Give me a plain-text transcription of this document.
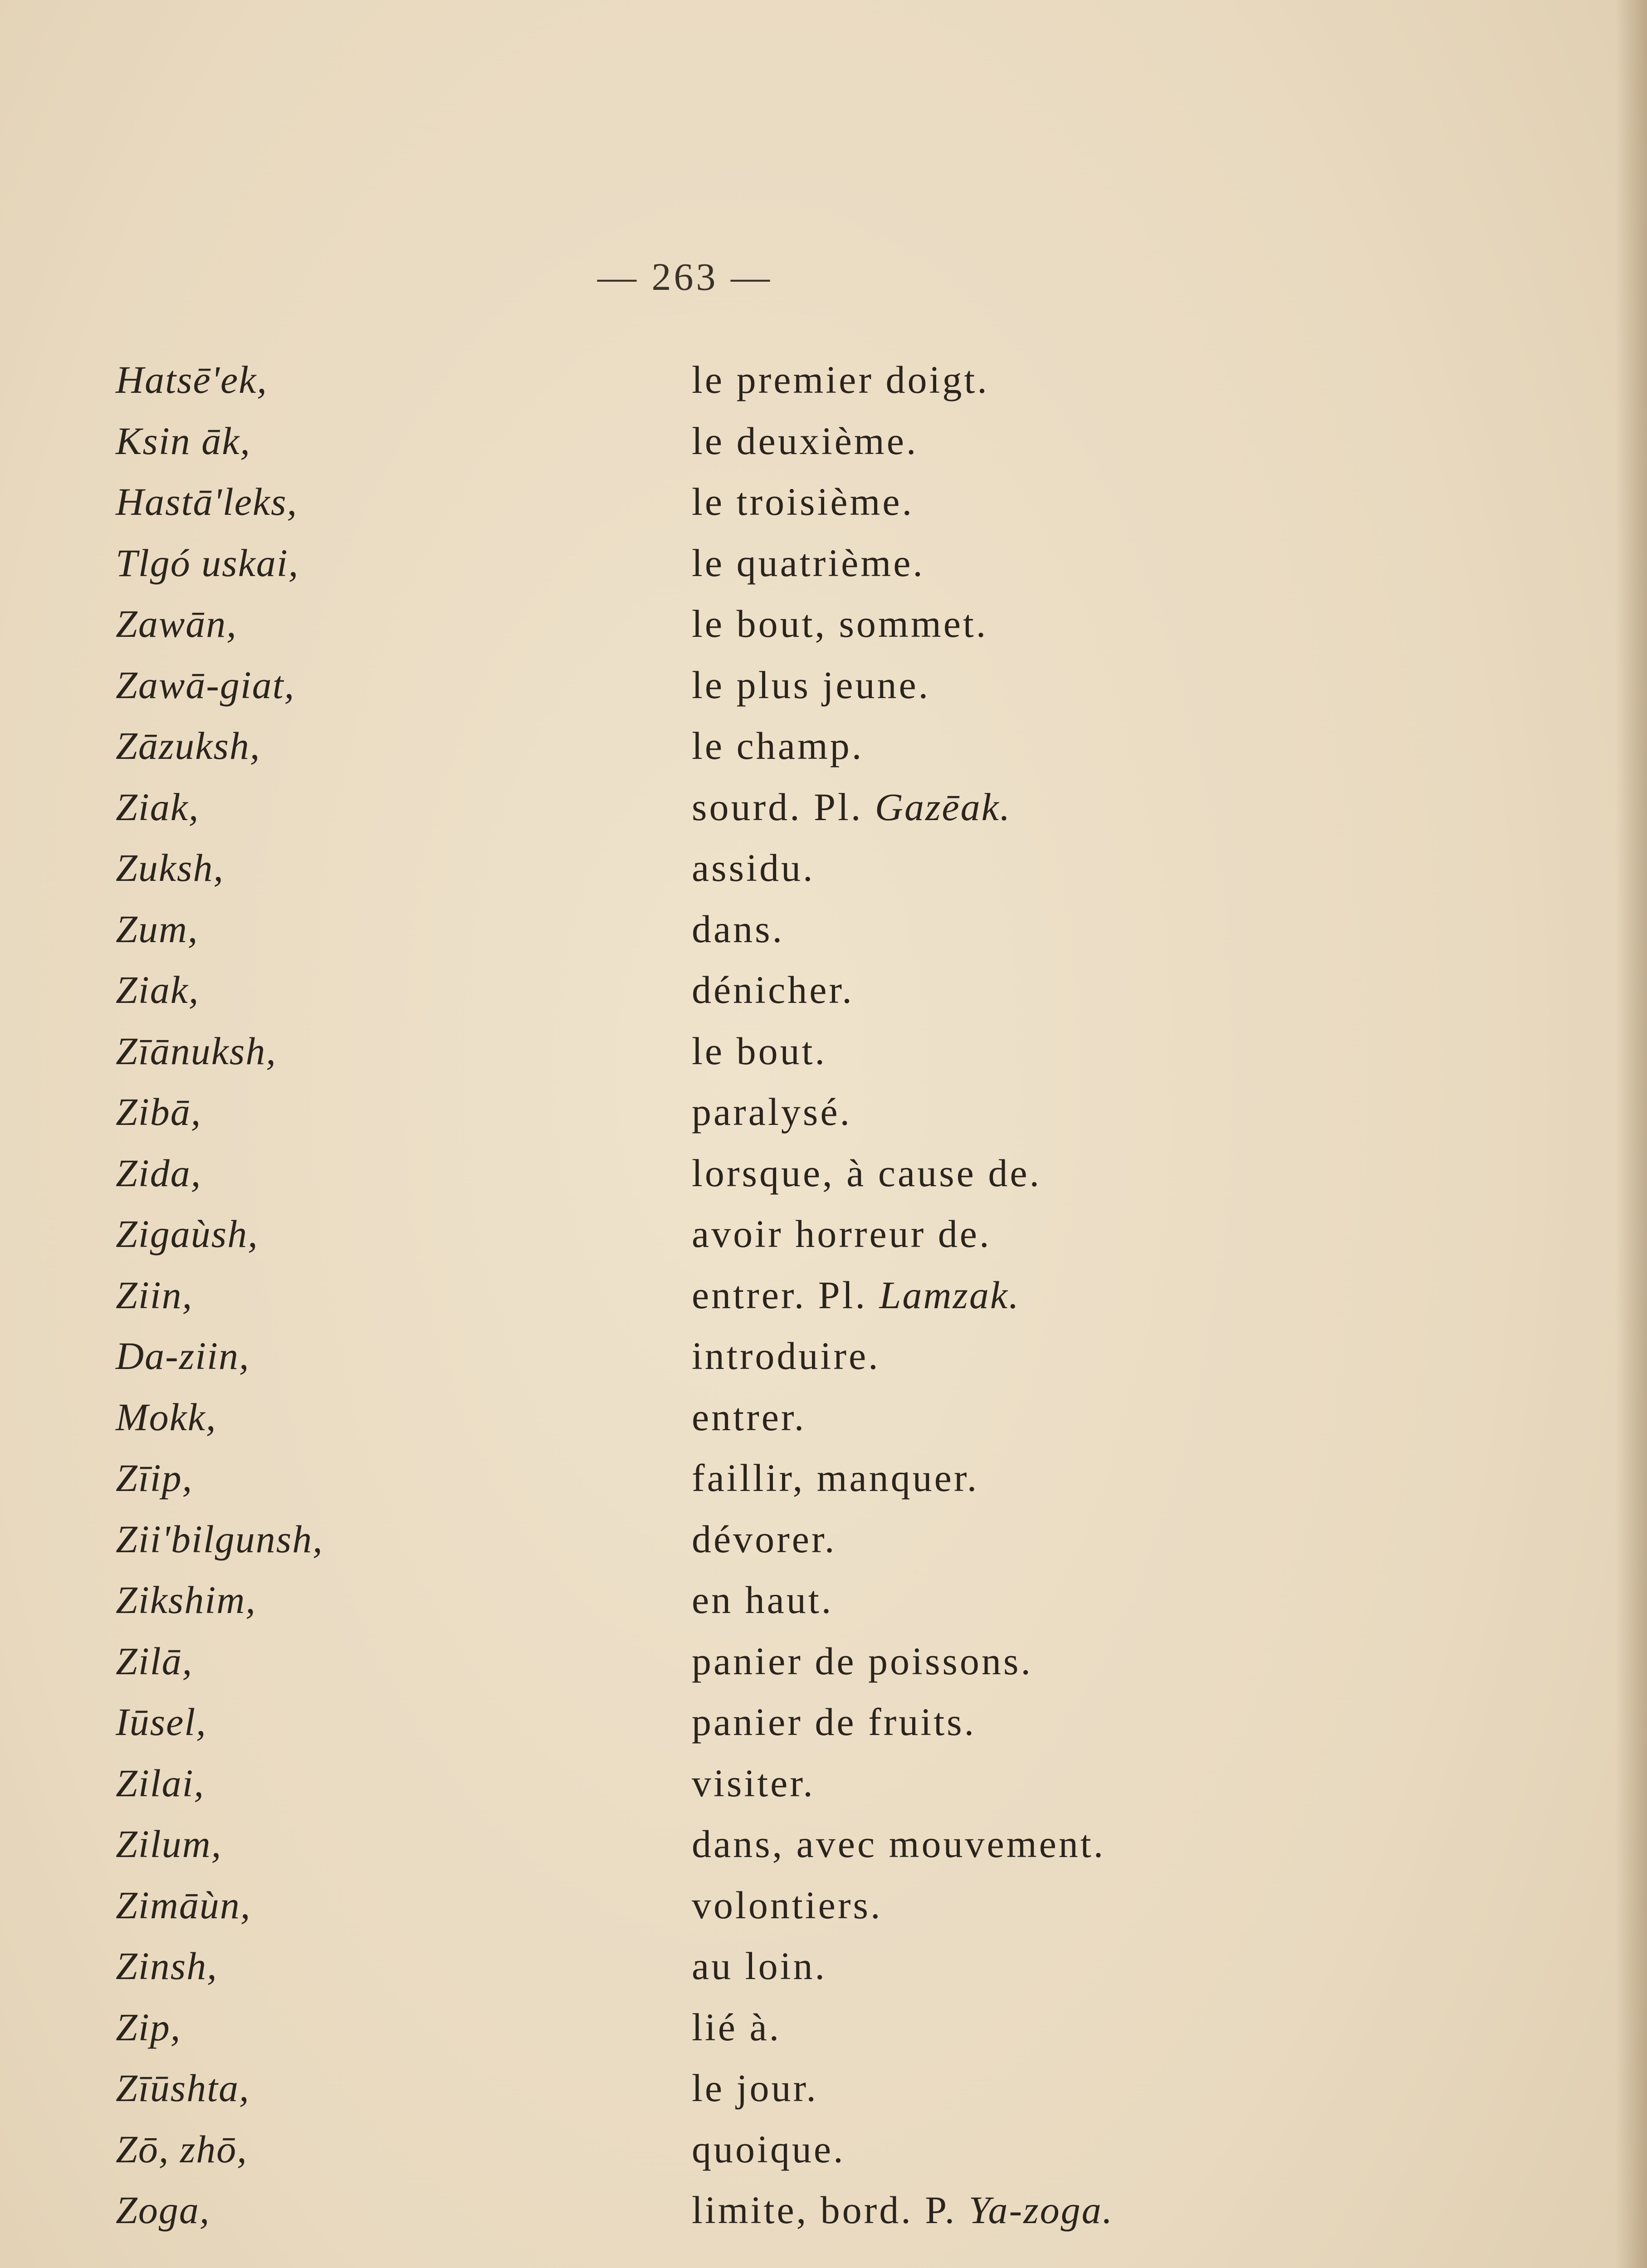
— 263 —
Hatsē'ek,	le premier doigt.
Ksin āk,	le deuxième.
Hastā'leks,	le troisième.
Tlgó uskai,	le quatrième.
Zawān,	le bout, sommet.
Zawā-giat,	le plus jeune.
Zāzuksh,	le champ.
Ziak,	sourd. Pl. Gazēak.
Zuksh,	assidu.
Zum,	dans.
Ziak,	dénicher.
Zīānuksh,	le bout.
Zibā,	paralysé.
Zida,	lorsque, à cause de.
Zigaùsh,	avoir horreur de.
Ziin,	entrer. Pl. Lamzak.
Da-ziin,	introduire.
Mokk,	entrer.
Zīip,	faillir, manquer.
Zii'bilgunsh,	dévorer.
Zikshim,	en haut.
Zilā,	panier de poissons.
Iūsel,	panier de fruits.
Zilai,	visiter.
Zilum,	dans, avec mouvement.
Zimāùn,	volontiers.
Zinsh,	au loin.
Zip,	lié à.
Zīūshta,	le jour.
Zō, zhō,	quoique.
Zoga,	limite, bord. P. Ya-zoga.
